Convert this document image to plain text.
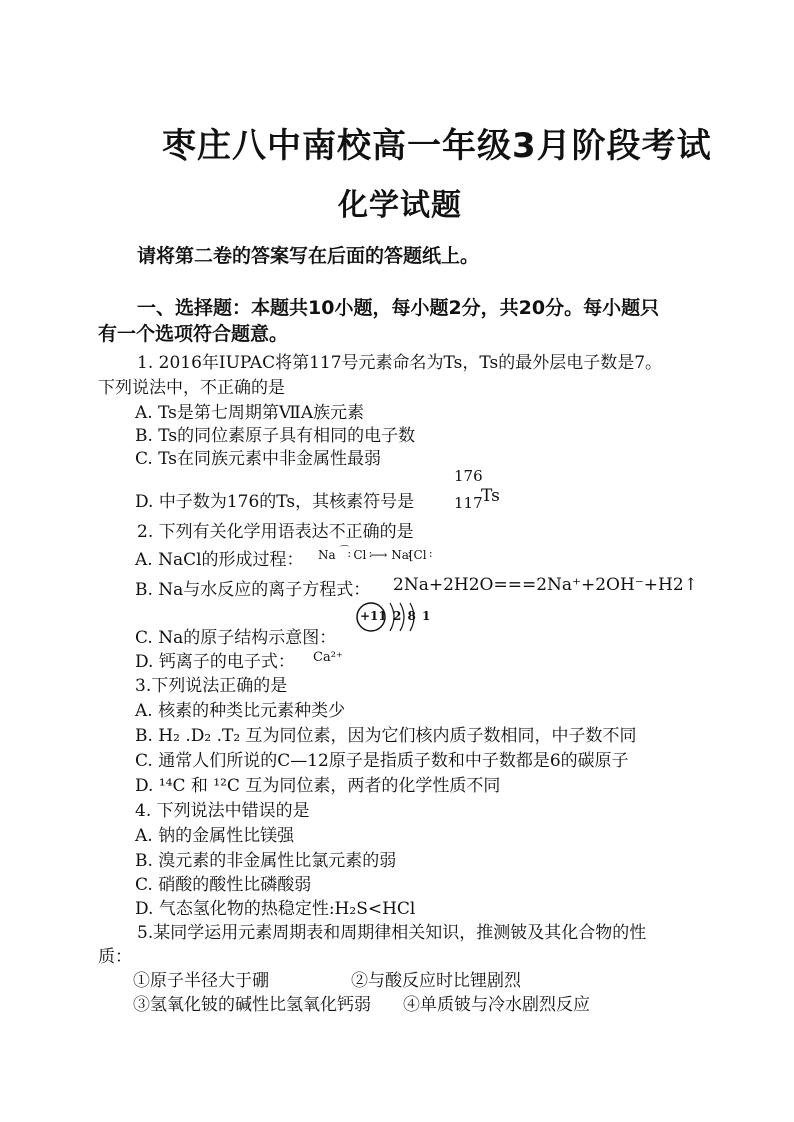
枣庄八中南校高一年级3月阶段考试
化学试题
请将第二卷的答案写在后面的答题纸上。
一、选择题：本题共10小题，每小题2分，共20分。每小题只
有一个选项符合题意。
1. 2016年IUPAC将第117号元素命名为Ts，Ts的最外层电子数是7。
下列说法中，不正确的是
A. Ts是第七周期第ⅦA族元素
B. Ts的同位素原子具有相同的电子数
C. Ts在同族元素中非金属性最弱
D. 中子数为176的Ts，其核素符号是
176
117
Ts
2. 下列有关化学用语表达不正确的是
A. NaCl的形成过程： Na ⌒ : Cl : ⟶ Na[: Cl :
B. Na与水反应的离子方程式： 2Na+2H2O===2Na⁺+2OH⁻+H2↑
C. Na的原子结构示意图：
+11 2 8 1
D. 钙离子的电子式： Ca²⁺
3.下列说法正确的是
A. 核素的种类比元素种类少
B. H₂ .D₂ .T₂ 互为同位素，因为它们核内质子数相同，中子数不同
C. 通常人们所说的C—12原子是指质子数和中子数都是6的碳原子
D. ¹⁴C 和 ¹²C 互为同位素，两者的化学性质不同
4. 下列说法中错误的是
A. 钠的金属性比镁强
B. 溴元素的非金属性比氯元素的弱
C. 硝酸的酸性比磷酸弱
D. 气态氢化物的热稳定性:H₂S<HCl
5.某同学运用元素周期表和周期律相关知识，推测铍及其化合物的性
质：
①原子半径大于硼	②与酸反应时比锂剧烈
③氢氧化铍的碱性比氢氧化钙弱 ④单质铍与冷水剧烈反应
